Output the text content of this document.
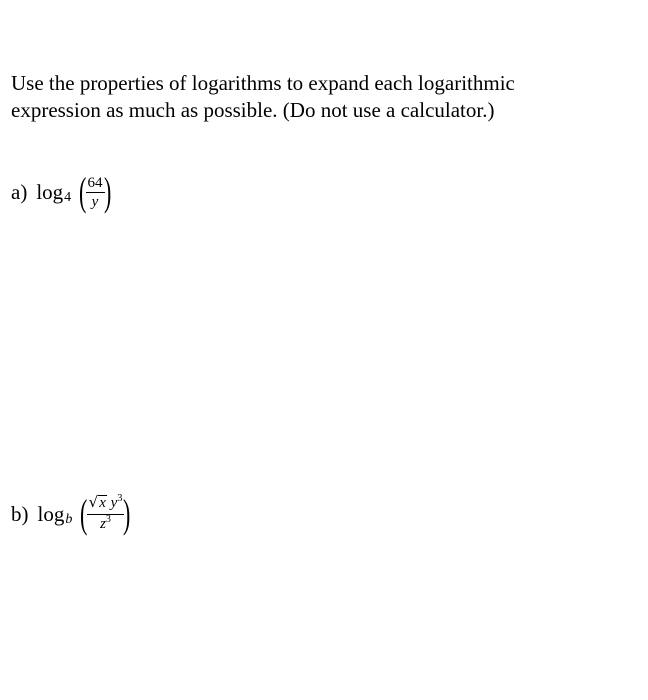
Use the properties of logarithms to expand each logarithmic
expression as much as possible. (Do not use a calculator.)
a) log 4 (
$\frac{64}{y}$
)
b) log b (
$\frac{√ x y^3}{z^3}$
)
